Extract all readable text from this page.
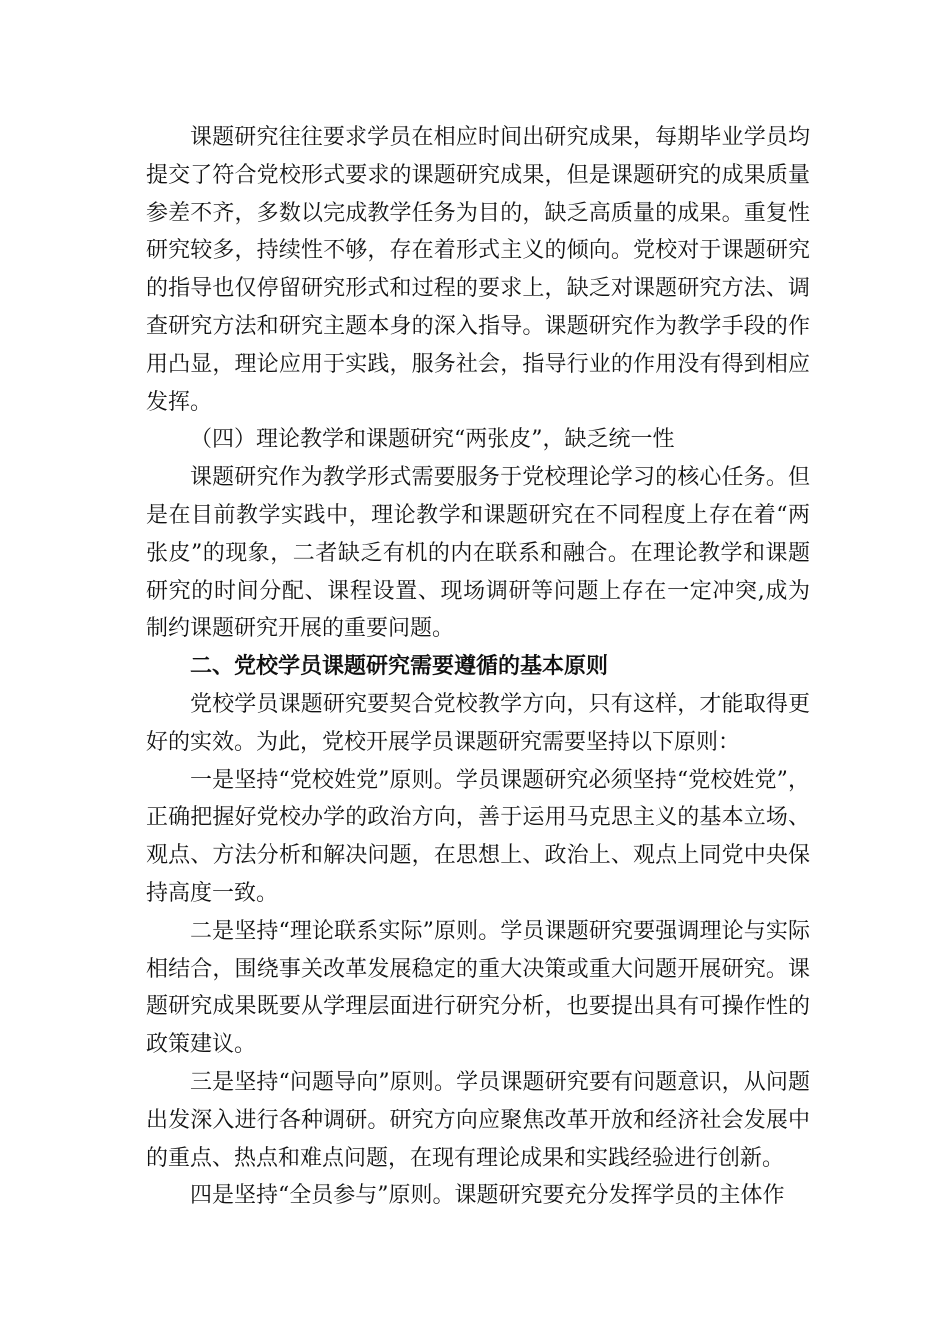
课题研究往往要求学员在相应时间出研究成果，每期毕业学员均提交了符合党校形式要求的课题研究成果，但是课题研究的成果质量参差不齐，多数以完成教学任务为目的，缺乏高质量的成果。重复性研究较多，持续性不够，存在着形式主义的倾向。党校对于课题研究的指导也仅停留研究形式和过程的要求上，缺乏对课题研究方法、调查研究方法和研究主题本身的深入指导。课题研究作为教学手段的作用凸显，理论应用于实践，服务社会，指导行业的作用没有得到相应发挥。

（四）理论教学和课题研究“两张皮”，缺乏统一性

课题研究作为教学形式需要服务于党校理论学习的核心任务。但是在目前教学实践中，理论教学和课题研究在不同程度上存在着“两张皮”的现象，二者缺乏有机的内在联系和融合。在理论教学和课题研究的时间分配、课程设置、现场调研等问题上存在一定冲突,成为制约课题研究开展的重要问题。

二、党校学员课题研究需要遵循的基本原则

党校学员课题研究要契合党校教学方向，只有这样，才能取得更好的实效。为此，党校开展学员课题研究需要坚持以下原则：

一是坚持“党校姓党”原则。学员课题研究必须坚持“党校姓党”，正确把握好党校办学的政治方向，善于运用马克思主义的基本立场、观点、方法分析和解决问题，在思想上、政治上、观点上同党中央保持高度一致。

二是坚持“理论联系实际”原则。学员课题研究要强调理论与实际相结合，围绕事关改革发展稳定的重大决策或重大问题开展研究。课题研究成果既要从学理层面进行研究分析，也要提出具有可操作性的政策建议。

三是坚持“问题导向”原则。学员课题研究要有问题意识，从问题出发深入进行各种调研。研究方向应聚焦改革开放和经济社会发展中的重点、热点和难点问题，在现有理论成果和实践经验进行创新。

四是坚持“全员参与”原则。课题研究要充分发挥学员的主体作
